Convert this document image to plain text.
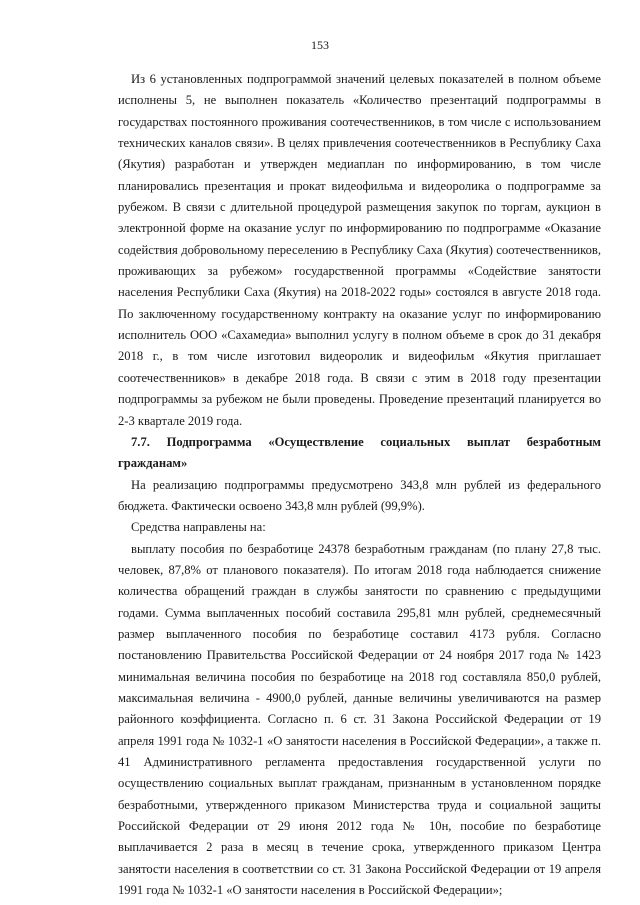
153

Из 6 установленных подпрограммой значений целевых показателей в полном объеме исполнены 5, не выполнен показатель «Количество презентаций подпрограммы в государствах постоянного проживания соотечественников, в том числе с использованием технических каналов связи». В целях привлечения соотечественников в Республику Саха (Якутия) разработан и утвержден медиаплан по информированию, в том числе планировались презентация и прокат видеофильма и видеоролика о подпрограмме за рубежом. В связи с длительной процедурой размещения закупок по торгам, аукцион в электронной форме на оказание услуг по информированию по подпрограмме «Оказание содействия добровольному переселению в Республику Саха (Якутия) соотечественников, проживающих за рубежом» государственной программы «Содействие занятости населения Республики Саха (Якутия) на 2018-2022 годы» состоялся в августе 2018 года. По заключенному государственному контракту на оказание услуг по информированию исполнитель ООО «Сахамедиа» выполнил услугу в полном объеме в срок до 31 декабря 2018 г., в том числе изготовил видеоролик и видеофильм «Якутия приглашает соотечественников» в декабре 2018 года. В связи с этим в 2018 году презентации подпрограммы за рубежом не были проведены. Проведение презентаций планируется во 2-3 квартале 2019 года.

7.7. Подпрограмма «Осуществление социальных выплат безработным гражданам»

На реализацию подпрограммы предусмотрено 343,8 млн рублей из федерального бюджета. Фактически освоено 343,8 млн рублей (99,9%).

Средства направлены на:

выплату пособия по безработице 24378 безработным гражданам (по плану 27,8 тыс. человек, 87,8% от планового показателя). По итогам 2018 года наблюдается снижение количества обращений граждан в службы занятости по сравнению с предыдущими годами. Сумма выплаченных пособий составила 295,81 млн рублей, среднемесячный размер выплаченного пособия по безработице составил 4173 рубля. Согласно постановлению Правительства Российской Федерации от 24 ноября 2017 года № 1423 минимальная величина пособия по безработице на 2018 год составляла 850,0 рублей, максимальная величина - 4900,0 рублей, данные величины увеличиваются на размер районного коэффициента. Согласно п. 6 ст. 31 Закона Российской Федерации от 19 апреля 1991 года № 1032-1 «О занятости населения в Российской Федерации», а также п. 41 Административного регламента предоставления государственной услуги по осуществлению социальных выплат гражданам, признанным в установленном порядке безработными, утвержденного приказом Министерства труда и социальной защиты Российской Федерации от 29 июня 2012 года № 10н, пособие по безработице выплачивается 2 раза в месяц в течение срока, утвержденного приказом Центра занятости населения в соответствии со ст. 31 Закона Российской Федерации от 19 апреля 1991 года № 1032-1 «О занятости населения в Российской Федерации»;
